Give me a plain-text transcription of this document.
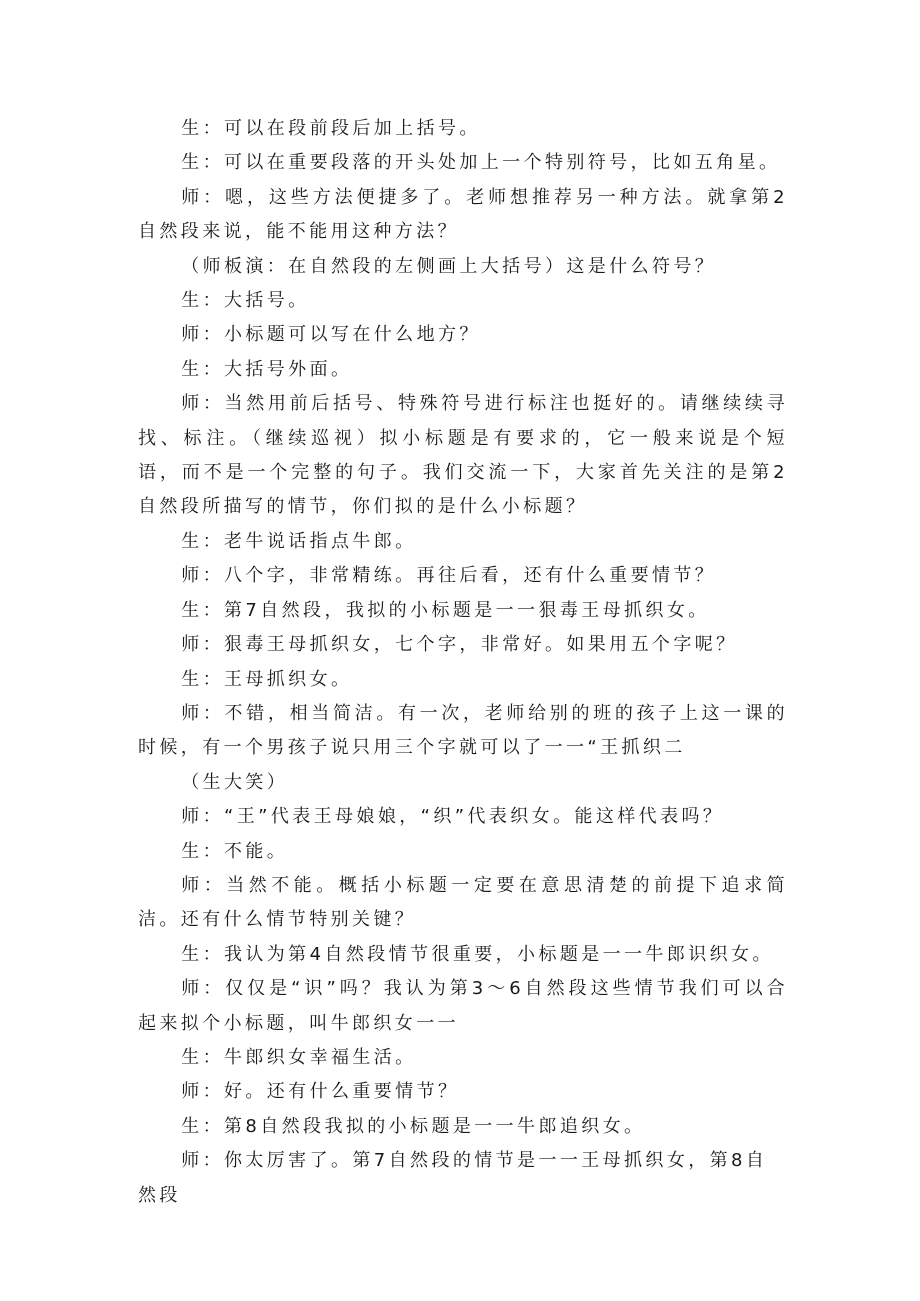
生：可以在段前段后加上括号。

生：可以在重要段落的开头处加上一个特别符号，比如五角星。

师：嗯，这些方法便捷多了。老师想推荐另一种方法。就拿第2自然段来说，能不能用这种方法？

（师板演：在自然段的左侧画上大括号）这是什么符号？

生：大括号。

师：小标题可以写在什么地方？

生：大括号外面。

师：当然用前后括号、特殊符号进行标注也挺好的。请继续续寻找、标注。（继续巡视）拟小标题是有要求的，它一般来说是个短语，而不是一个完整的句子。我们交流一下，大家首先关注的是第2自然段所描写的情节，你们拟的是什么小标题？

生：老牛说话指点牛郎。

师：八个字，非常精练。再往后看，还有什么重要情节？

生：第7自然段，我拟的小标题是一一狠毒王母抓织女。

师：狠毒王母抓织女，七个字，非常好。如果用五个字呢？

生：王母抓织女。

师：不错，相当简洁。有一次，老师给别的班的孩子上这一课的时候，有一个男孩子说只用三个字就可以了一一“王抓织二

（生大笑）

师：“王”代表王母娘娘，“织”代表织女。能这样代表吗？

生：不能。

师：当然不能。概括小标题一定要在意思清楚的前提下追求简洁。还有什么情节特别关键？

生：我认为第4自然段情节很重要，小标题是一一牛郎识织女。

师：仅仅是“识”吗？我认为第3～6自然段这些情节我们可以合起来拟个小标题，叫牛郎织女一一

生：牛郎织女幸福生活。

师：好。还有什么重要情节？

生：第8自然段我拟的小标题是一一牛郎追织女。

师：你太厉害了。第7自然段的情节是一一王母抓织女，第8自然段
